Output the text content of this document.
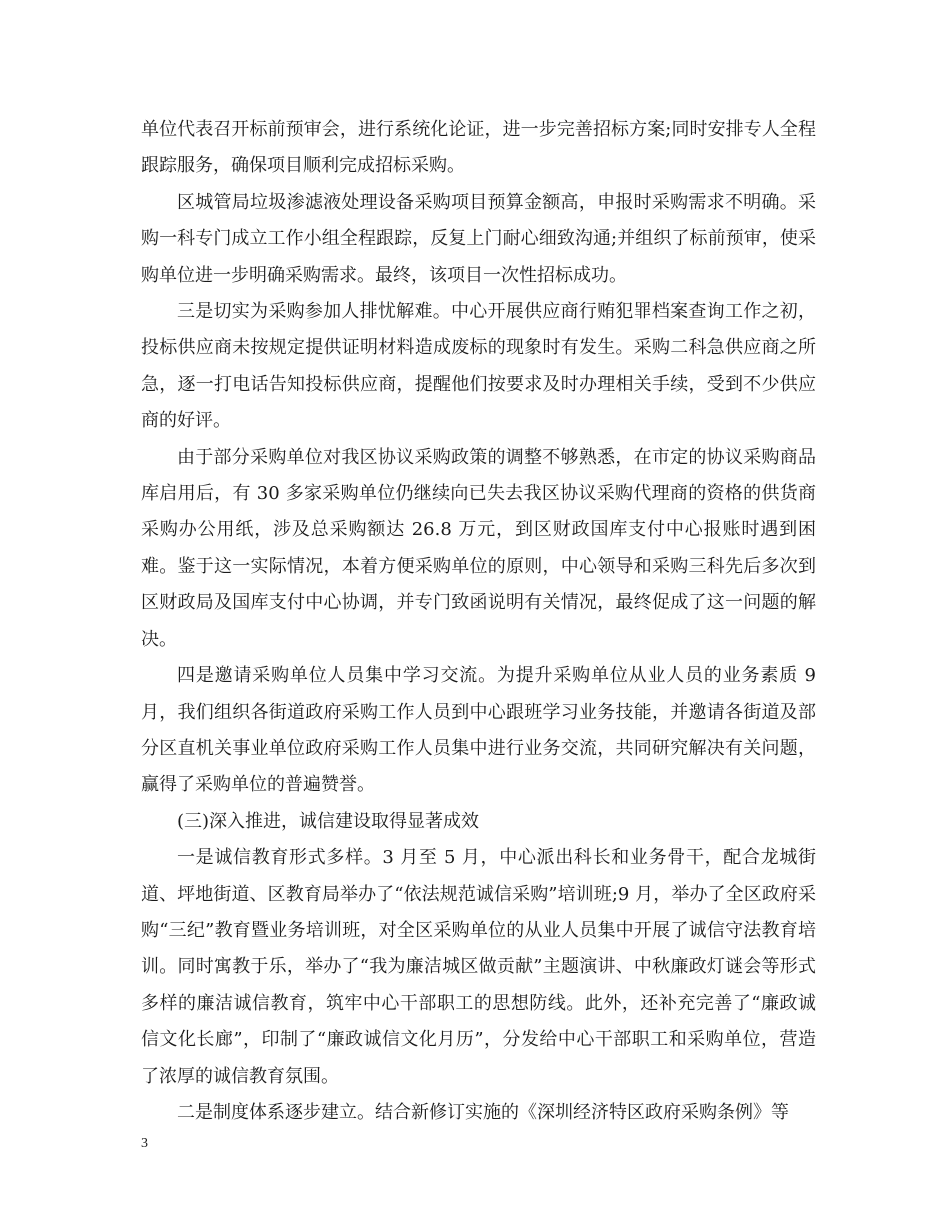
单位代表召开标前预审会，进行系统化论证，进一步完善招标方案;同时安排专人全程跟踪服务，确保项目顺利完成招标采购。

区城管局垃圾渗滤液处理设备采购项目预算金额高，申报时采购需求不明确。采购一科专门成立工作小组全程跟踪，反复上门耐心细致沟通;并组织了标前预审，使采购单位进一步明确采购需求。最终，该项目一次性招标成功。

三是切实为采购参加人排忧解难。中心开展供应商行贿犯罪档案查询工作之初，投标供应商未按规定提供证明材料造成废标的现象时有发生。采购二科急供应商之所急，逐一打电话告知投标供应商，提醒他们按要求及时办理相关手续，受到不少供应商的好评。

由于部分采购单位对我区协议采购政策的调整不够熟悉，在市定的协议采购商品库启用后，有 30 多家采购单位仍继续向已失去我区协议采购代理商的资格的供货商采购办公用纸，涉及总采购额达 26.8 万元，到区财政国库支付中心报账时遇到困难。鉴于这一实际情况，本着方便采购单位的原则，中心领导和采购三科先后多次到区财政局及国库支付中心协调，并专门致函说明有关情况，最终促成了这一问题的解决。

四是邀请采购单位人员集中学习交流。为提升采购单位从业人员的业务素质 9 月，我们组织各街道政府采购工作人员到中心跟班学习业务技能，并邀请各街道及部分区直机关事业单位政府采购工作人员集中进行业务交流，共同研究解决有关问题，赢得了采购单位的普遍赞誉。

(三)深入推进，诚信建设取得显著成效

一是诚信教育形式多样。3 月至 5 月，中心派出科长和业务骨干，配合龙城街道、坪地街道、区教育局举办了“依法规范诚信采购”培训班;9 月，举办了全区政府采购“三纪”教育暨业务培训班，对全区采购单位的从业人员集中开展了诚信守法教育培训。同时寓教于乐，举办了“我为廉洁城区做贡献”主题演讲、中秋廉政灯谜会等形式多样的廉洁诚信教育，筑牢中心干部职工的思想防线。此外，还补充完善了“廉政诚信文化长廊”，印制了“廉政诚信文化月历”，分发给中心干部职工和采购单位，营造了浓厚的诚信教育氛围。

二是制度体系逐步建立。结合新修订实施的《深圳经济特区政府采购条例》等

3
